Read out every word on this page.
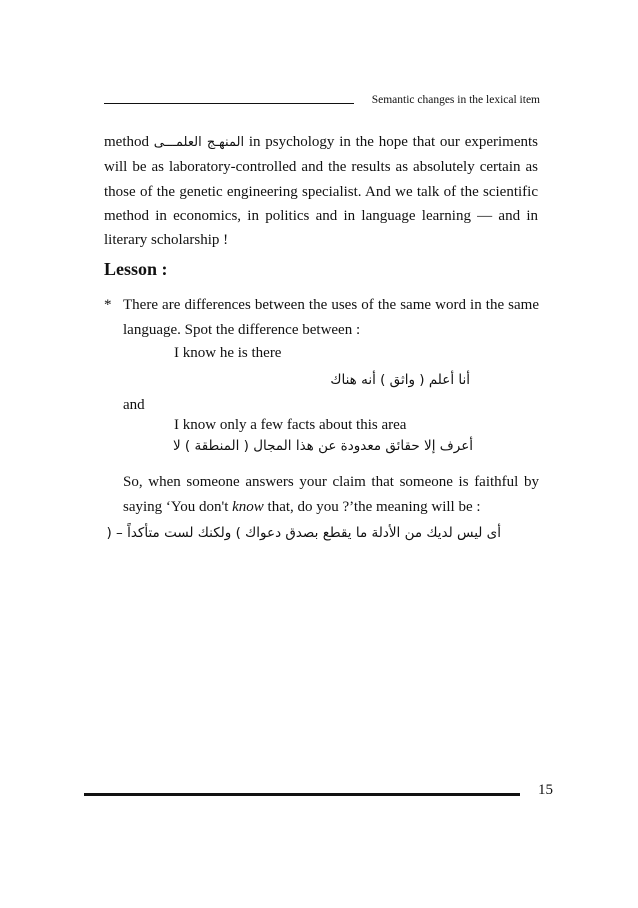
Semantic changes in the lexical item

method المنهـج العلمـــى in psychology in the hope that our experiments will be as laboratory-controlled and the results as absolutely certain as those of the genetic engineering specialist. And we talk of the scientific method in economics, in politics and in language learning — and in literary scholarship !

Lesson :
* There are differences between the uses of the same word in the same language. Spot the difference between :
I know he is there
أنا أعلم ( واثق ) أنه هناك
and
I know only a few facts about this area
أعرف إلا حقائق معدودة عن هذا المجال ( المنطقة ) لا
So, when someone answers your claim that someone is faithful by saying ‘You don't know that, do you ?’the meaning will be :
أى ليس لديك من الأدلة ما يقطع بصدق دعواك ) ولكنك لست متأكداً – (
15
